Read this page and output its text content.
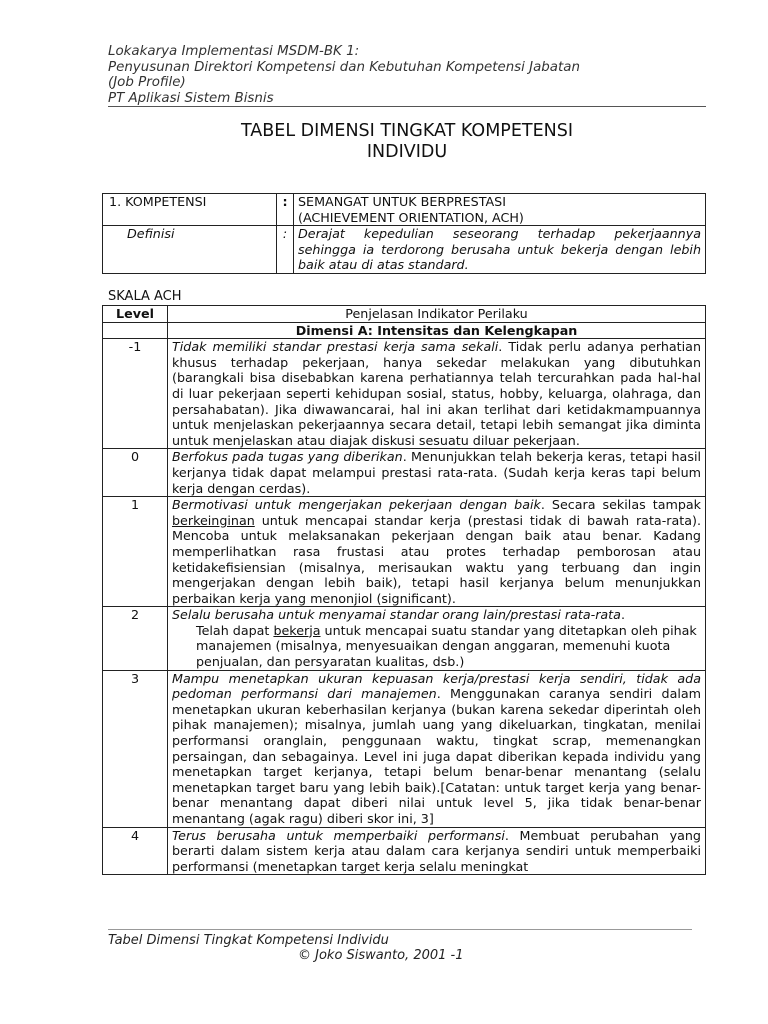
Lokakarya Implementasi MSDM-BK 1:
Penyusunan Direktori Kompetensi dan Kebutuhan Kompetensi Jabatan
(Job Profile)
PT Aplikasi Sistem Bisnis
TABEL DIMENSI TINGKAT KOMPETENSI
INDIVIDU
1. KOMPETENSI	:	SEMANGAT UNTUK BERPRESTASI
(ACHIEVEMENT ORIENTATION, ACH)

Definisi	:	Derajat kepedulian seseorang terhadap pekerjaannya sehingga ia terdorong berusaha untuk bekerja dengan lebih baik atau di atas standard.
SKALA ACH
Level	Penjelasan Indikator Perilaku
	Dimensi A: Intensitas dan Kelengkapan
-1	Tidak memiliki standar prestasi kerja sama sekali. Tidak perlu adanya perhatian khusus terhadap pekerjaan, hanya sekedar melakukan yang dibutuhkan (barangkali bisa disebabkan karena perhatiannya telah tercurahkan pada hal-hal di luar pekerjaan seperti kehidupan sosial, status, hobby, keluarga, olahraga, dan persahabatan). Jika diwawancarai, hal ini akan terlihat dari ketidakmampuannya untuk menjelaskan pekerjaannya secara detail, tetapi lebih semangat jika diminta untuk menjelaskan atau diajak diskusi sesuatu diluar pekerjaan.
0	Berfokus pada tugas yang diberikan. Menunjukkan telah bekerja keras, tetapi hasil kerjanya tidak dapat melampui prestasi rata-rata. (Sudah kerja keras tapi belum kerja dengan cerdas).
1	Bermotivasi untuk mengerjakan pekerjaan dengan baik. Secara sekilas tampak berkeinginan untuk mencapai standar kerja (prestasi tidak di bawah rata-rata). Mencoba untuk melaksanakan pekerjaan dengan baik atau benar. Kadang memperlihatkan rasa frustasi atau protes terhadap pemborosan atau ketidakefisiensian (misalnya, merisaukan waktu yang terbuang dan ingin mengerjakan dengan lebih baik), tetapi hasil kerjanya belum menunjukkan perbaikan kerja yang menonjiol (significant).
2	Selalu berusaha untuk menyamai standar orang lain/prestasi rata-rata.
Telah dapat bekerja untuk mencapai suatu standar yang ditetapkan oleh pihak manajemen (misalnya, menyesuaikan dengan anggaran, memenuhi kuota penjualan, dan persyaratan kualitas, dsb.)

3	Mampu menetapkan ukuran kepuasan kerja/prestasi kerja sendiri, tidak ada pedoman performansi dari manajemen. Menggunakan caranya sendiri dalam menetapkan ukuran keberhasilan kerjanya (bukan karena sekedar diperintah oleh pihak manajemen); misalnya, jumlah uang yang dikeluarkan, tingkatan, menilai performansi oranglain, penggunaan waktu, tingkat scrap, memenangkan persaingan, dan sebagainya. Level ini juga dapat diberikan kepada individu yang menetapkan target kerjanya, tetapi belum benar-benar menantang (selalu menetapkan target baru yang lebih baik).[Catatan: untuk target kerja yang benar-benar menantang dapat diberi nilai untuk level 5, jika tidak benar-benar menantang (agak ragu) diberi skor ini, 3]
4	Terus berusaha untuk memperbaiki performansi. Membuat perubahan yang berarti dalam sistem kerja atau dalam cara kerjanya sendiri untuk memperbaiki performansi (menetapkan target kerja selalu meningkat
Tabel Dimensi Tingkat Kompetensi Individu
© Joko Siswanto, 2001 -1
